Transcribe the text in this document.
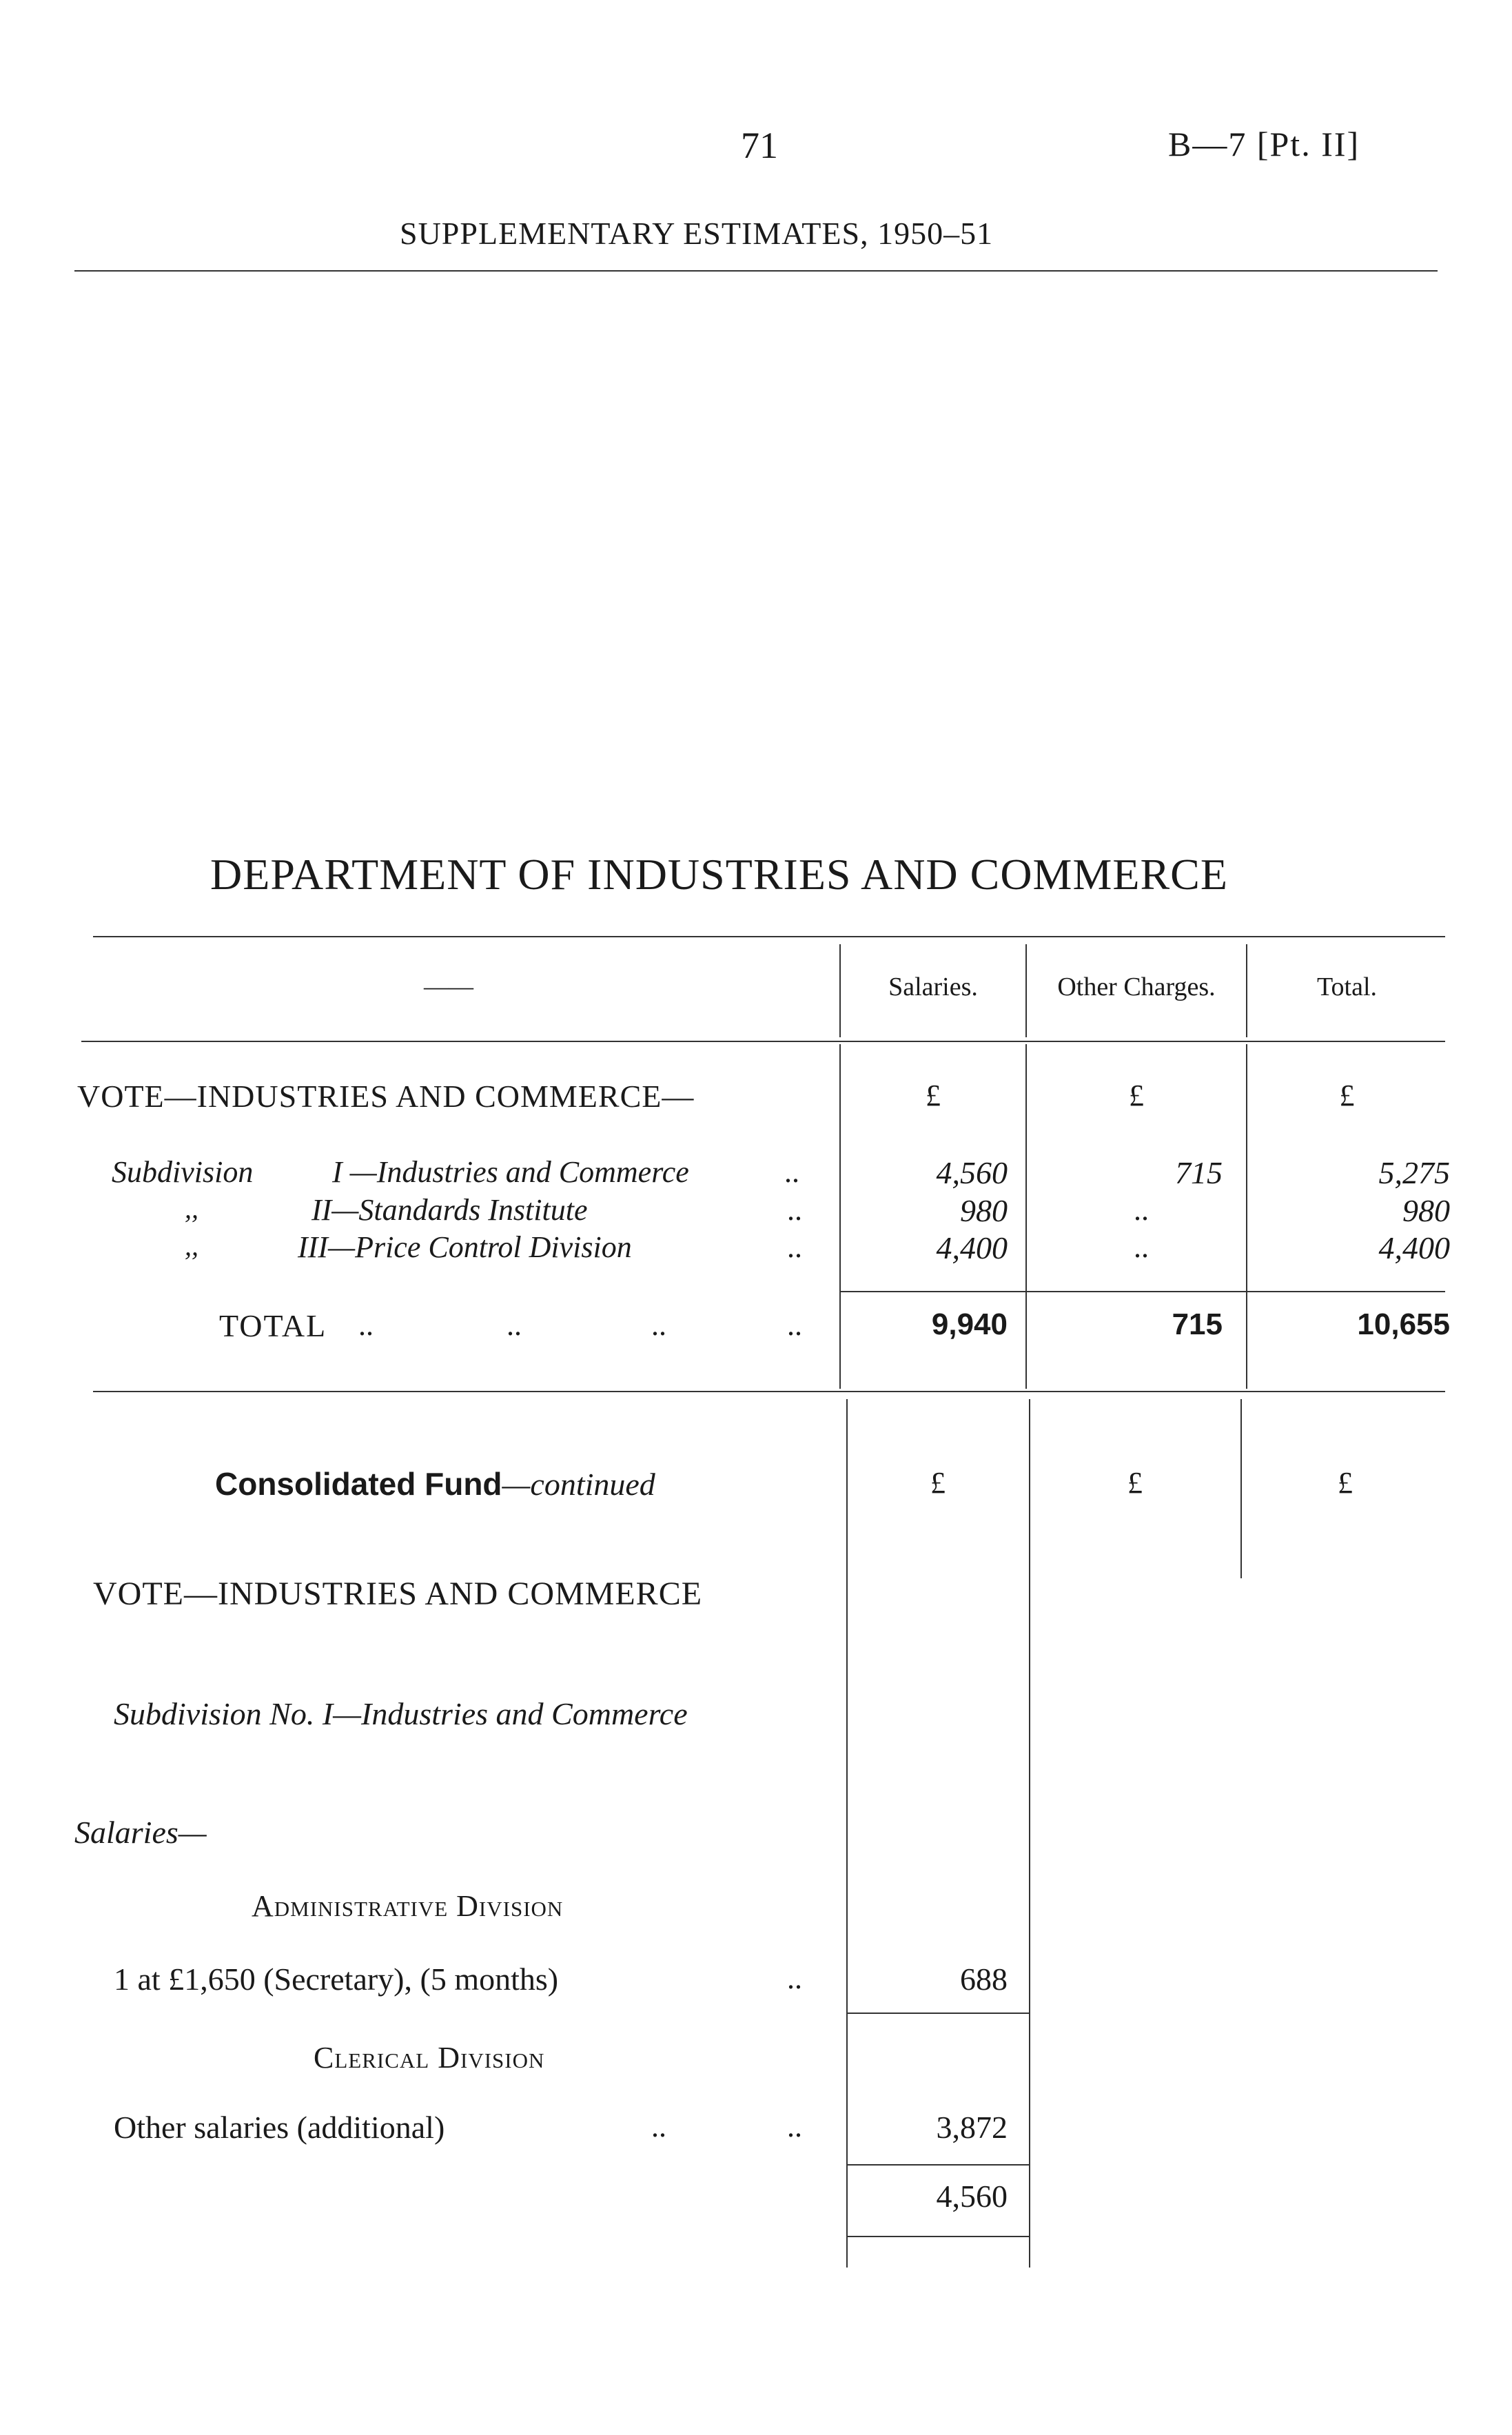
71	B—7 [Pt. II]
SUPPLEMENTARY ESTIMATES, 1950–51
DEPARTMENT OF INDUSTRIES AND COMMERCE
——	Salaries.	Other Charges.	Total.
VOTE—INDUSTRIES AND COMMERCE—	£	£	£
Subdivision	I —Industries and Commerce	..	4,560	715	5,275
,,	II—Standards Institute	..	980	..	980
,,	III—Price Control Division	..	4,400	..	4,400
TOTAL ..	..	..	..	9,940	715	10,655
Consolidated Fund—continued	£	£	£
VOTE—INDUSTRIES AND COMMERCE
Subdivision No. I—Industries and Commerce
Salaries—
Administrative Division
1 at £1,650 (Secretary), (5 months)	..	688
Clerical Division
Other salaries (additional)	..	..	3,872
4,560
